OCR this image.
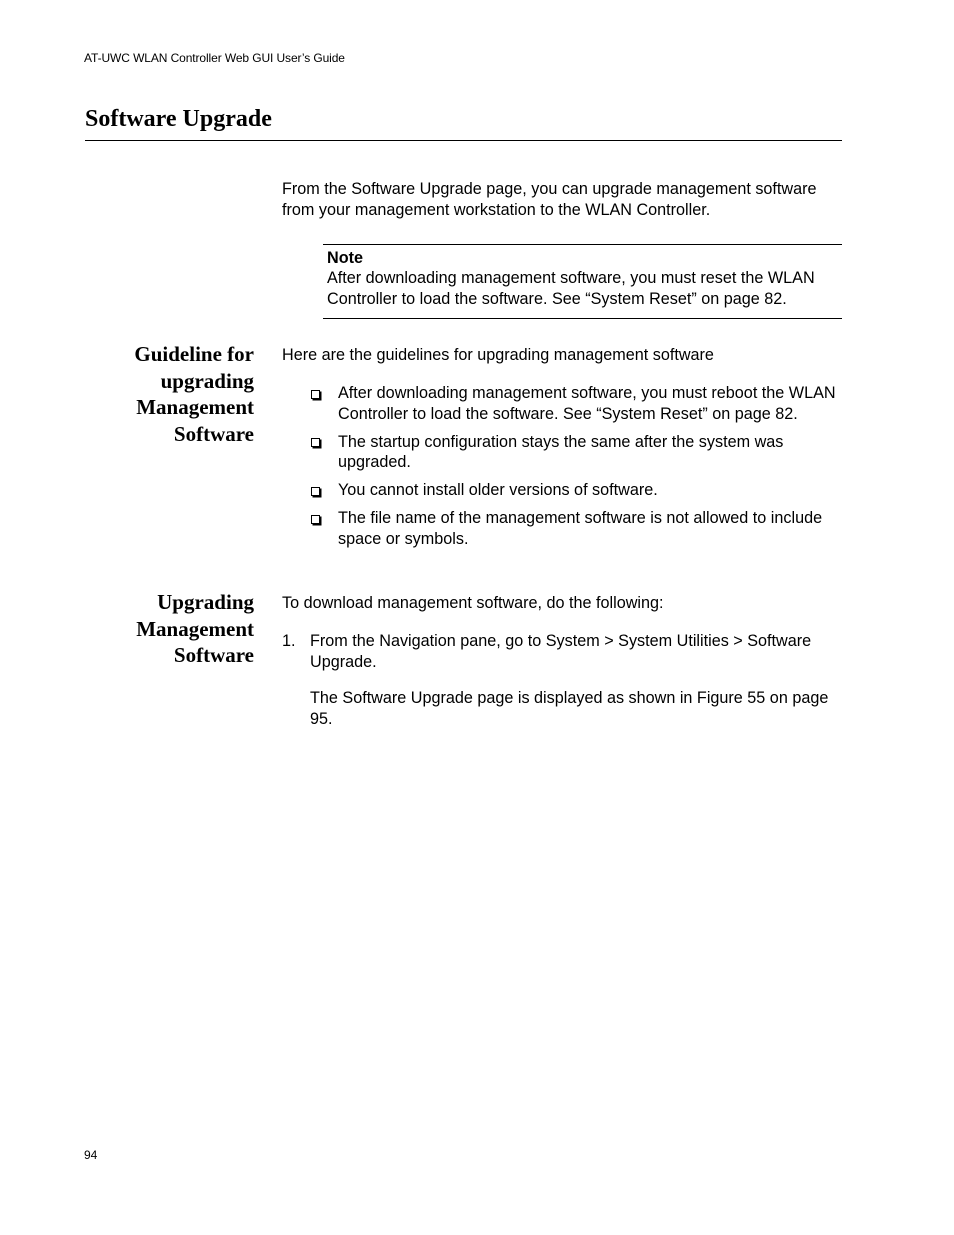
AT-UWC WLAN Controller Web GUI User’s Guide
Software Upgrade
From the Software Upgrade page, you can upgrade management software from your management workstation to the WLAN Controller.
Note
After downloading management software, you must reset the WLAN Controller to load the software. See “System Reset” on page 82.
Guideline for
upgrading
Management
Software
Here are the guidelines for upgrading management software
After downloading management software, you must reboot the WLAN Controller to load the software. See “System Reset” on page 82.
The startup configuration stays the same after the system was upgraded.
You cannot install older versions of software.
The file name of the management software is not allowed to include space or symbols.
Upgrading
Management
Software
To download management software, do the following:
1. From the Navigation pane, go to System > System Utilities > Software Upgrade.
The Software Upgrade page is displayed as shown in Figure 55 on page 95.
94
